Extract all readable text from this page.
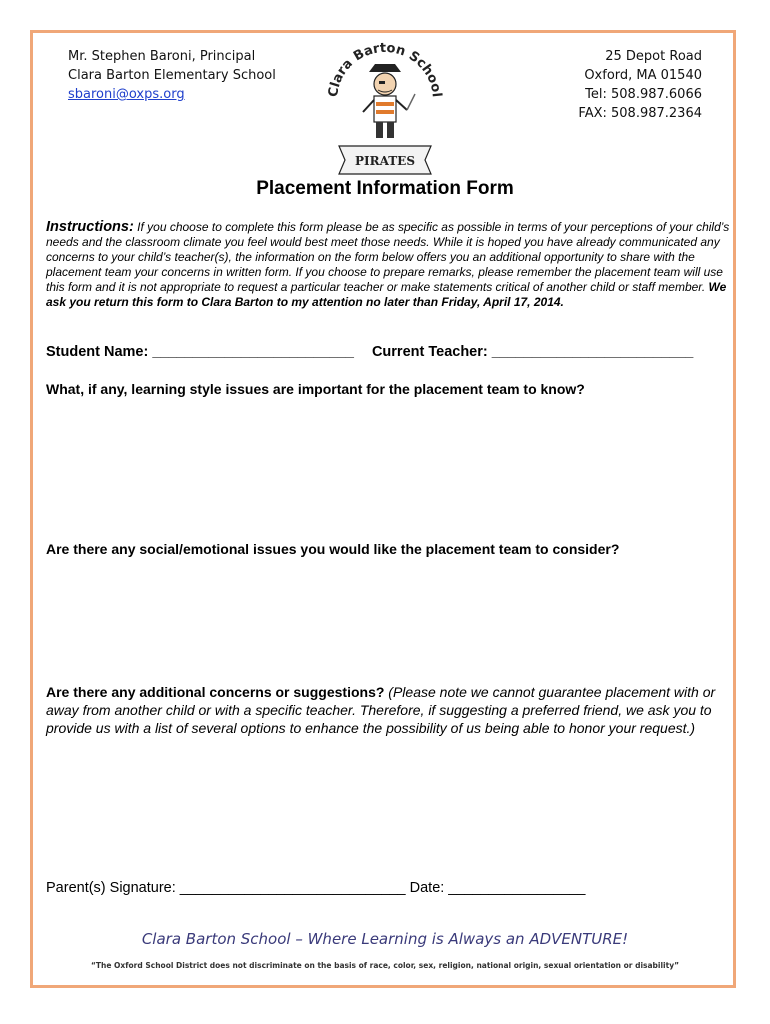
Mr. Stephen Baroni, Principal
Clara Barton Elementary School
sbaroni@oxps.org
25 Depot Road
Oxford, MA 01540
Tel: 508.987.6066
FAX: 508.987.2364
Clara Barton School
PIRATES
Placement Information Form
Instructions: If you choose to complete this form please be as specific as possible in terms of your perceptions of your child’s needs and the classroom climate you feel would best meet those needs. While it is hoped you have already communicated any concerns to your child’s teacher(s), the information on the form below offers you an additional opportunity to share with the placement team your concerns in written form. If you choose to prepare remarks, please remember the placement team will use this form and it is not appropriate to request a particular teacher or make statements critical of another child or staff member. We ask you return this form to Clara Barton to my attention no later than Friday, April 17, 2014.
Student Name: _________________________ Current Teacher: _________________________
What, if any, learning style issues are important for the placement team to know?
Are there any social/emotional issues you would like the placement team to consider?
Are there any additional concerns or suggestions? (Please note we cannot guarantee placement with or away from another child or with a specific teacher. Therefore, if suggesting a preferred friend, we ask you to provide us with a list of several options to enhance the possibility of us being able to honor your request.)
Parent(s) Signature: ____________________________ Date: _________________
Clara Barton School – Where Learning is Always an ADVENTURE!
“The Oxford School District does not discriminate on the basis of race, color, sex, religion, national origin, sexual orientation or disability”
